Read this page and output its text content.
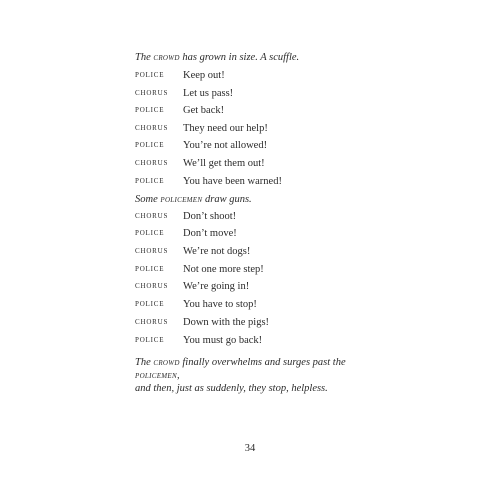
The crowd has grown in size. A scuffle.

police	Keep out!
chorus	Let us pass!
police	Get back!
chorus	They need our help!
police	You’re not allowed!
chorus	We’ll get them out!
police	You have been warned!

Some policemen draw guns.

chorus	Don’t shoot!
police	Don’t move!
chorus	We’re not dogs!
police	Not one more step!
chorus	We’re going in!
police	You have to stop!
chorus	Down with the pigs!
police	You must go back!

The crowd finally overwhelms and surges past the policemen,
and then, just as suddenly, they stop, helpless.

34
